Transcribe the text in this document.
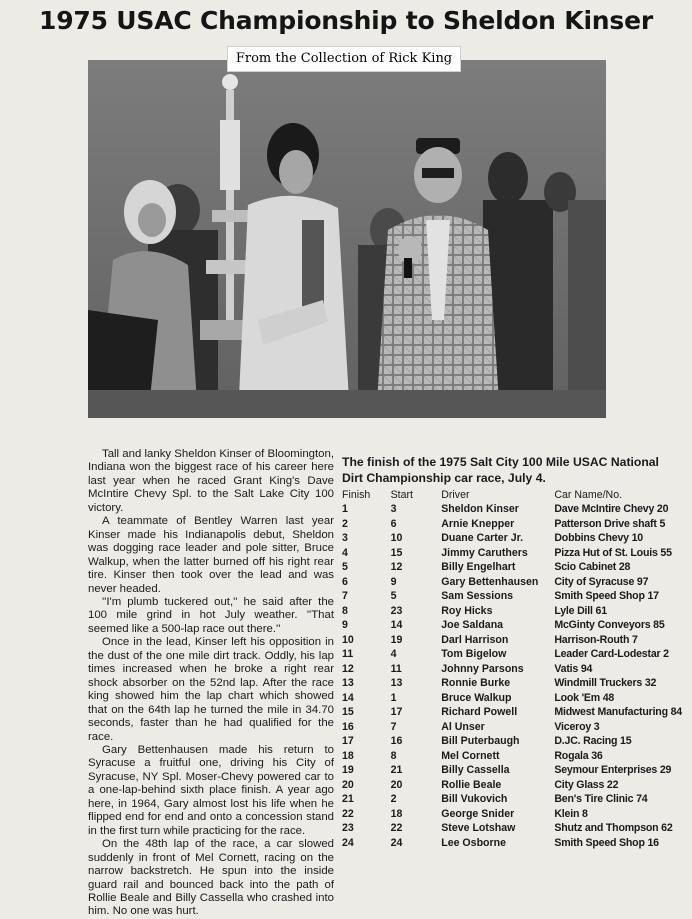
1975 USAC Championship to Sheldon Kinser
From the Collection of Rick King

Tall and lanky Sheldon Kinser of Bloomington, Indiana won the biggest race of his career here last year when he raced Grant King's Dave McIntire Chevy Spl. to the Salt Lake City 100 victory.

A teammate of Bentley Warren last year Kinser made his Indianapolis debut, Sheldon was dogging race leader and pole sitter, Bruce Walkup, when the latter burned off his right rear tire. Kinser then took over the lead and was never headed.

''I'm plumb tuckered out,'' he said after the 100 mile grind in hot July weather. ''That seemed like a 500-lap race out there.''

Once in the lead, Kinser left his opposition in the dust of the one mile dirt track. Oddly, his lap times increased when he broke a right rear shock absorber on the 52nd lap. After the race king showed him the lap chart which showed that on the 64th lap he turned the mile in 34.70 seconds, faster than he had qualified for the race.

Gary Bettenhausen made his return to Syracuse a fruitful one, driving his City of Syracuse, NY Spl. Moser-Chevy powered car to a one-lap-behind sixth place finish. A year ago here, in 1964, Gary almost lost his life when he flipped end for end and onto a concession stand in the first turn while practicing for the race.

On the 48th lap of the race, a car slowed suddenly in front of Mel Cornett, racing on the narrow backstretch. He spun into the inside guard rail and bounced back into the path of Rollie Beale and Billy Cassella who crashed into him. No one was hurt.

The finish of the 1975 Salt City 100 Mile USAC National Dirt Championship car race, July 4.
Finish	Start	Driver	Car Name/No.
1	3	Sheldon Kinser	Dave McIntire Chevy 20
2	6	Arnie Knepper	Patterson Drive shaft 5
3	10	Duane Carter Jr.	Dobbins Chevy 10
4	15	Jimmy Caruthers	Pizza Hut of St. Louis 55
5	12	Billy Engelhart	Scio Cabinet 28
6	9	Gary Bettenhausen	City of Syracuse 97
7	5	Sam Sessions	Smith Speed Shop 17
8	23	Roy Hicks	Lyle Dill 61
9	14	Joe Saldana	McGinty Conveyors 85
10	19	Darl Harrison	Harrison-Routh 7
11	4	Tom Bigelow	Leader Card-Lodestar 2
12	11	Johnny Parsons	Vatis 94
13	13	Ronnie Burke	Windmill Truckers 32
14	1	Bruce Walkup	Look 'Em 48
15	17	Richard Powell	Midwest Manufacturing 84
16	7	Al Unser	Viceroy 3
17	16	Bill Puterbaugh	D.JC. Racing 15
18	8	Mel Cornett	Rogala 36
19	21	Billy Cassella	Seymour Enterprises 29
20	20	Rollie Beale	City Glass 22
21	2	Bill Vukovich	Ben's Tire Clinic 74
22	18	George Snider	Klein 8
23	22	Steve Lotshaw	Shutz and Thompson 62
24	24	Lee Osborne	Smith Speed Shop 16
